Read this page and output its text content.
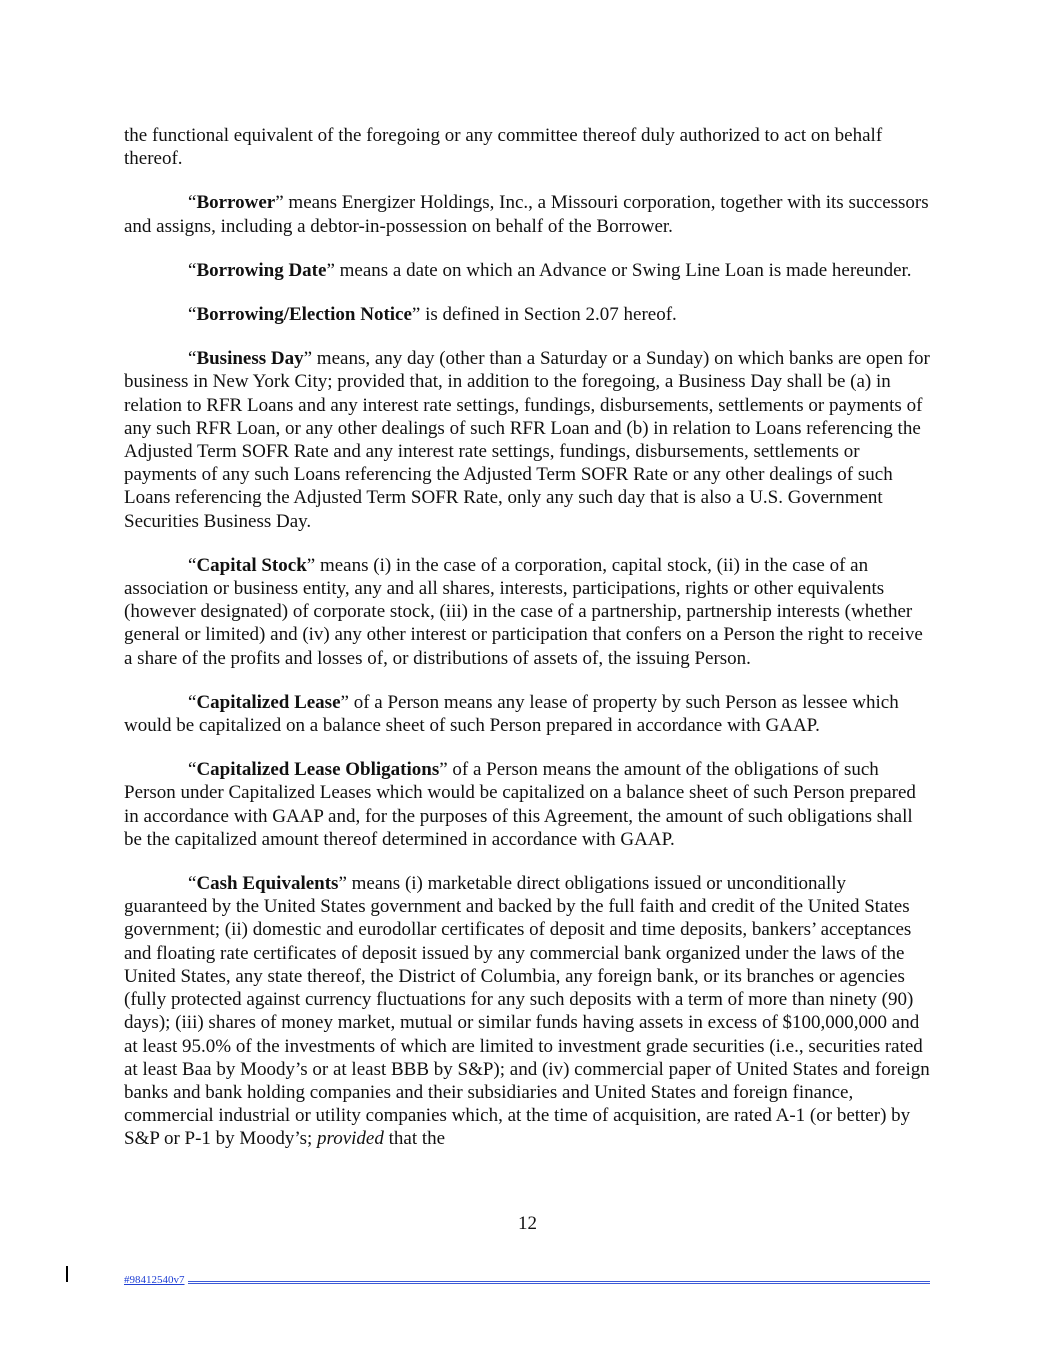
the functional equivalent of the foregoing or any committee thereof duly authorized to act on behalf thereof.

“Borrower” means Energizer Holdings, Inc., a Missouri corporation, together with its successors and assigns, including a debtor-in-possession on behalf of the Borrower.

“Borrowing Date” means a date on which an Advance or Swing Line Loan is made hereunder.

“Borrowing/Election Notice” is defined in Section 2.07 hereof.

“Business Day” means, any day (other than a Saturday or a Sunday) on which banks are open for business in New York City; provided that, in addition to the foregoing, a Business Day shall be (a) in relation to RFR Loans and any interest rate settings, fundings, disbursements, settlements or payments of any such RFR Loan, or any other dealings of such RFR Loan and (b) in relation to Loans referencing the Adjusted Term SOFR Rate and any interest rate settings, fundings, disbursements, settlements or payments of any such Loans referencing the Adjusted Term SOFR Rate or any other dealings of such Loans referencing the Adjusted Term SOFR Rate, only any such day that is also a U.S. Government Securities Business Day.

“Capital Stock” means (i) in the case of a corporation, capital stock, (ii) in the case of an association or business entity, any and all shares, interests, participations, rights or other equivalents (however designated) of corporate stock, (iii) in the case of a partnership, partnership interests (whether general or limited) and (iv) any other interest or participation that confers on a Person the right to receive a share of the profits and losses of, or distributions of assets of, the issuing Person.

“Capitalized Lease” of a Person means any lease of property by such Person as lessee which would be capitalized on a balance sheet of such Person prepared in accordance with GAAP.

“Capitalized Lease Obligations” of a Person means the amount of the obligations of such Person under Capitalized Leases which would be capitalized on a balance sheet of such Person prepared in accordance with GAAP and, for the purposes of this Agreement, the amount of such obligations shall be the capitalized amount thereof determined in accordance with GAAP.

“Cash Equivalents” means (i) marketable direct obligations issued or unconditionally guaranteed by the United States government and backed by the full faith and credit of the United States government; (ii) domestic and eurodollar certificates of deposit and time deposits, bankers’ acceptances and floating rate certificates of deposit issued by any commercial bank organized under the laws of the United States, any state thereof, the District of Columbia, any foreign bank, or its branches or agencies (fully protected against currency fluctuations for any such deposits with a term of more than ninety (90) days); (iii) shares of money market, mutual or similar funds having assets in excess of $100,000,000 and at least 95.0% of the investments of which are limited to investment grade securities (i.e., securities rated at least Baa by Moody’s or at least BBB by S&P); and (iv) commercial paper of United States and foreign banks and bank holding companies and their subsidiaries and United States and foreign finance, commercial industrial or utility companies which, at the time of acquisition, are rated A-1 (or better) by S&P or P-1 by Moody’s; provided that the

12
#98412540v7
